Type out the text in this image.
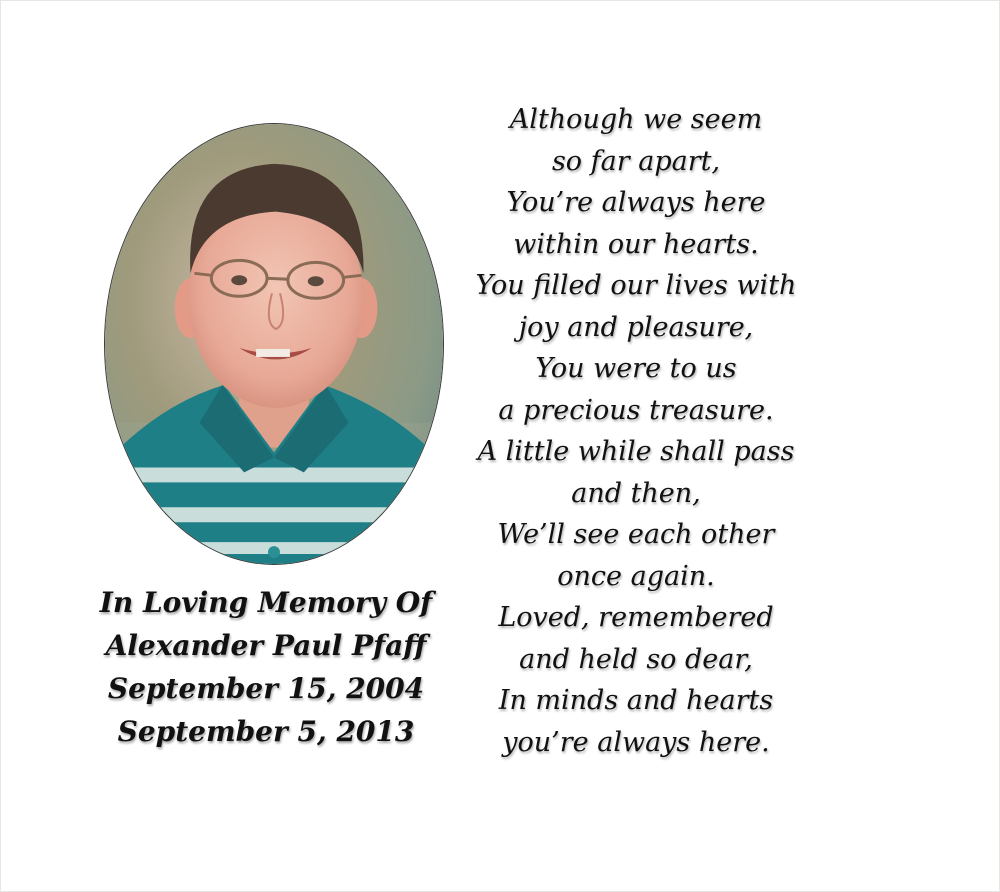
In Loving Memory Of
Alexander Paul Pfaff
September 15, 2004
September 5, 2013
Although we seem
so far apart,
You’re always here
within our hearts.
You filled our lives with
joy and pleasure,
You were to us
a precious treasure.
A little while shall pass
and then,
We’ll see each other
once again.
Loved, remembered
and held so dear,
In minds and hearts
you’re always here.
